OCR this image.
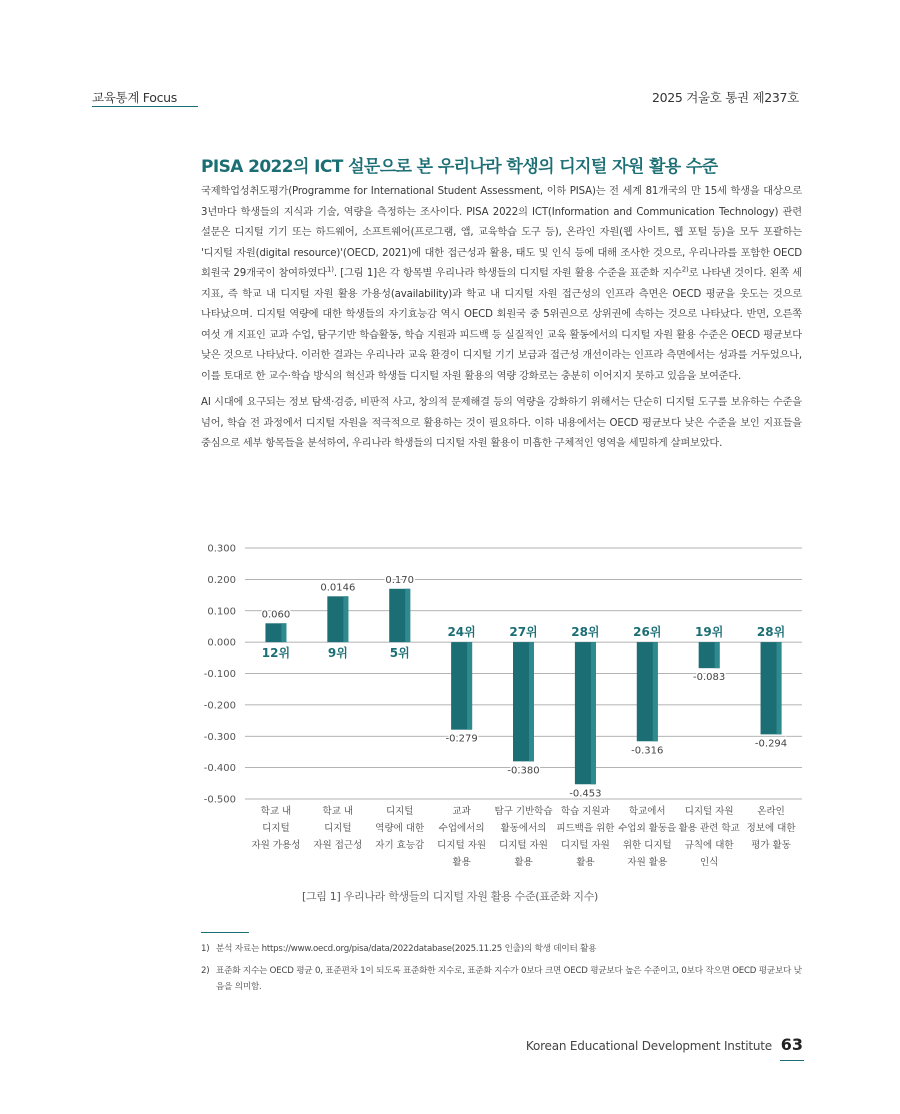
교육통계 Focus	2025 겨울호 통권 제237호
PISA 2022의 ICT 설문으로 본 우리나라 학생의 디지털 자원 활용 수준

국제학업성취도평가(Programme for International Student Assessment, 이하 PISA)는 전 세계 81개국의 만 15세 학생을 대상으로 3년마다 학생들의 지식과 기술, 역량을 측정하는 조사이다. PISA 2022의 ICT(Information and Communication Technology) 관련 설문은 디지털 기기 또는 하드웨어, 소프트웨어(프로그램, 앱, 교육학습 도구 등), 온라인 자원(웹 사이트, 웹 포털 등)을 모두 포괄하는 '디지털 자원(digital resource)'(OECD, 2021)에 대한 접근성과 활용, 태도 및 인식 등에 대해 조사한 것으로, 우리나라를 포함한 OECD 회원국 29개국이 참여하였다$^{1)}$. [그림 1]은 각 항목별 우리나라 학생들의 디지털 자원 활용 수준을 표준화 지수$^{2)}$로 나타낸 것이다. 왼쪽 세 지표, 즉 학교 내 디지털 자원 활용 가용성(availability)과 학교 내 디지털 자원 접근성의 인프라 측면은 OECD 평균을 웃도는 것으로 나타났으며. 디지털 역량에 대한 학생들의 자기효능감 역시 OECD 회원국 중 5위권으로 상위권에 속하는 것으로 나타났다. 반면, 오른쪽 여섯 개 지표인 교과 수업, 탐구기반 학습활동, 학습 지원과 피드백 등 실질적인 교육 활동에서의 디지털 자원 활용 수준은 OECD 평균보다 낮은 것으로 나타났다. 이러한 결과는 우리나라 교육 환경이 디지털 기기 보급과 접근성 개선이라는 인프라 측면에서는 성과를 거두었으나, 이를 토대로 한 교수·학습 방식의 혁신과 학생들 디지털 자원 활용의 역량 강화로는 충분히 이어지지 못하고 있음을 보여준다.

AI 시대에 요구되는 정보 탐색·검증, 비판적 사고, 창의적 문제해결 등의 역량을 강화하기 위해서는 단순히 디지털 도구를 보유하는 수준을 넘어, 학습 전 과정에서 디지털 자원을 적극적으로 활용하는 것이 필요하다. 이하 내용에서는 OECD 평균보다 낮은 수준을 보인 지표들을 중심으로 세부 항목들을 분석하여, 우리나라 학생들의 디지털 자원 활용이 미흡한 구체적인 영역을 세밀하게 살펴보았다.

0.300
0.200
0.100
0.000
-0.100
-0.200
-0.300
-0.400
-0.500
0.060
12위
학교 내
디지털
자원 가용성
0.0146
9위
학교 내
디지털
자원 접근성
0.170
5위
디지털
역량에 대한
자기 효능감
-0.279
24위
교과
수업에서의
디지털 자원
활용
-0.380
27위
탐구 기반학습
활동에서의
디지털 자원
활용
-0.453
28위
학습 지원과
피드백을 위한
디지털 자원
활용
-0.316
26위
학교에서
수업외 활동을
위한 디지털
자원 활용
-0.083
19위
디지털 자원
활용 관련 학교
규칙에 대한
인식
-0.294
28위
온라인
정보에 대한
평가 활동
[그림 1] 우리나라 학생들의 디지털 자원 활용 수준(표준화 지수)
1) 분석 자료는 https://www.oecd.org/pisa/data/2022database(2025.11.25 인출)의 학생 데이터 활용
2) 표준화 지수는 OECD 평균 0, 표준편차 1이 되도록 표준화한 지수로, 표준화 지수가 0보다 크면 OECD 평균보다 높은 수준이고, 0보다 작으면 OECD 평균보다 낮음을 의미함.
Korean Educational Development Institute 63
